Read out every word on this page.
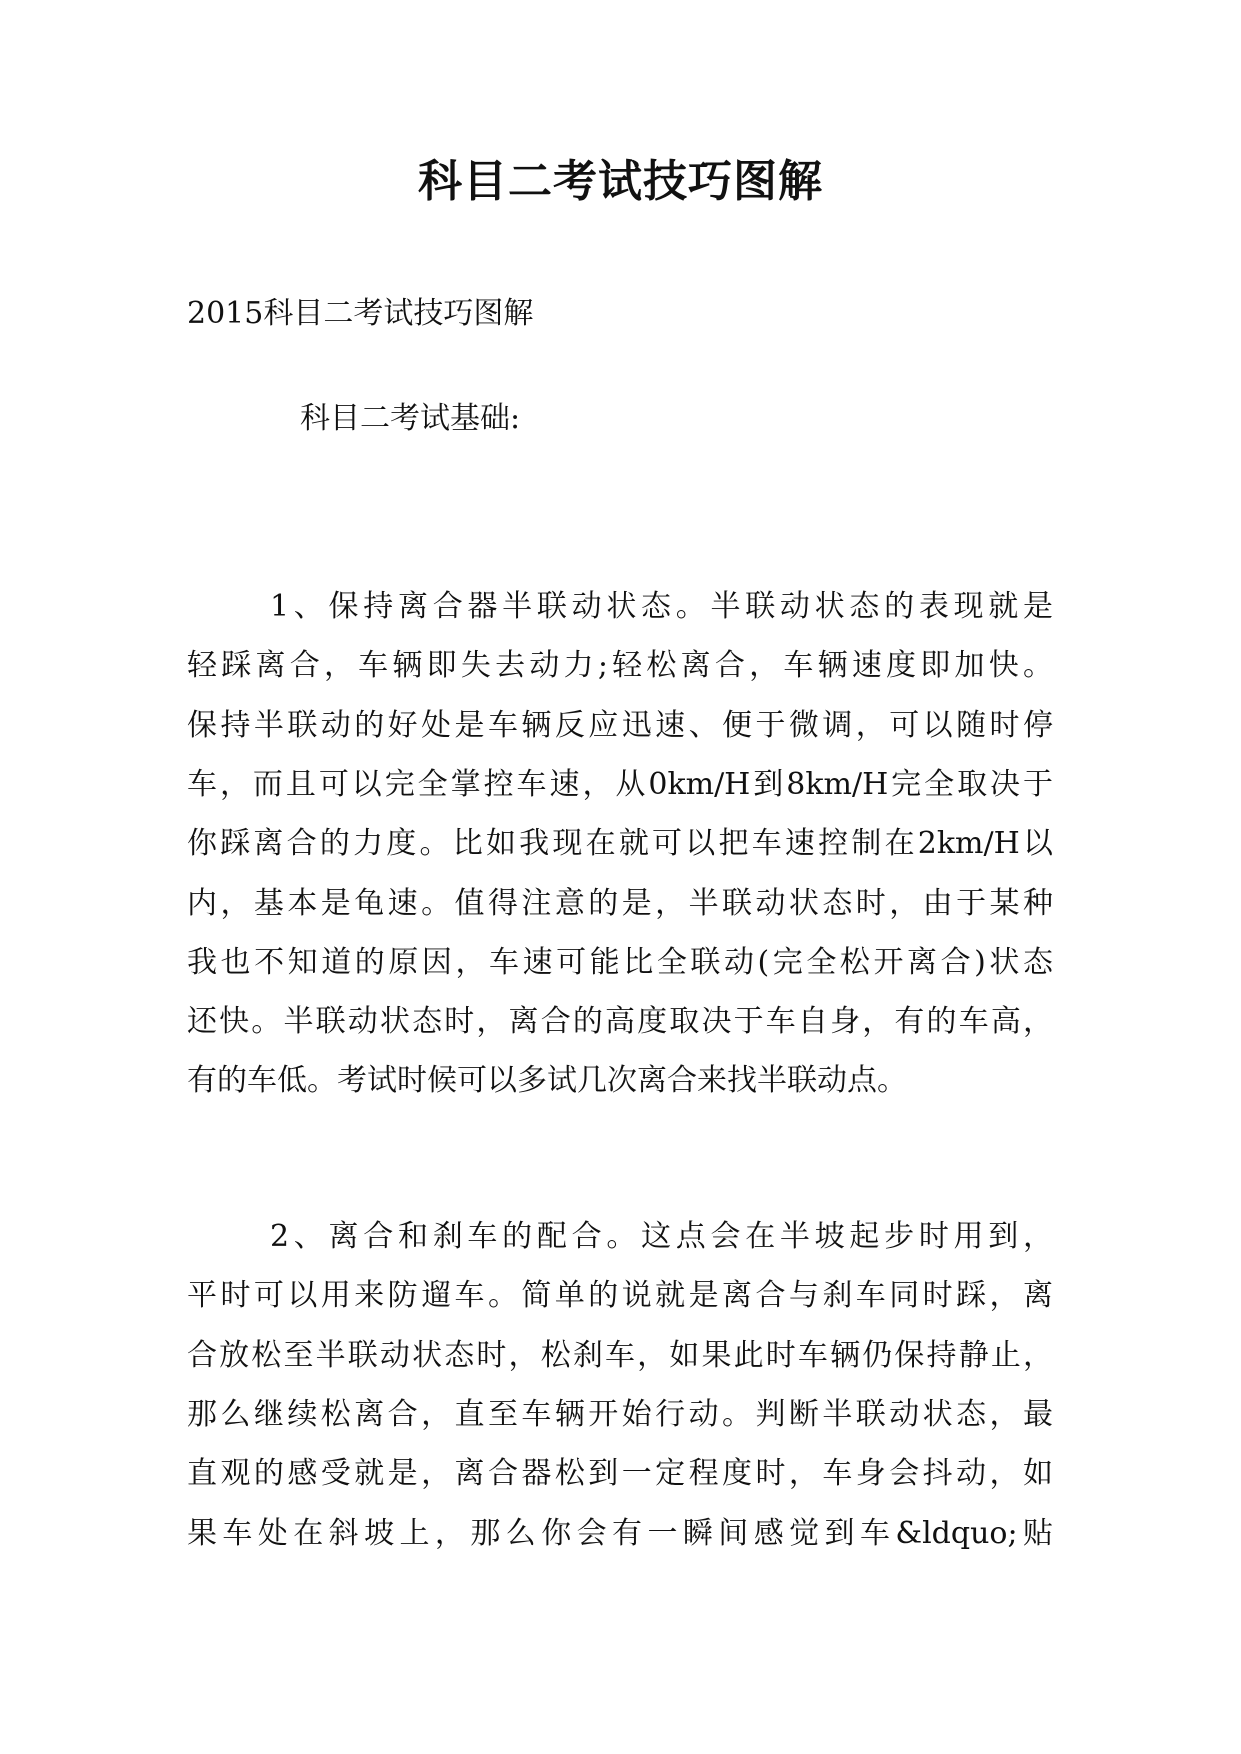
科目二考试技巧图解
2015科目二考试技巧图解
科目二考试基础:
1、保持离合器半联动状态。半联动状态的表现就是
轻踩离合，车辆即失去动力;轻松离合，车辆速度即加快。
保持半联动的好处是车辆反应迅速、便于微调，可以随时停
车，而且可以完全掌控车速，从0km/H到8km/H完全取决于
你踩离合的力度。比如我现在就可以把车速控制在2km/H以
内，基本是龟速。值得注意的是，半联动状态时，由于某种
我也不知道的原因，车速可能比全联动(完全松开离合)状态
还快。半联动状态时，离合的高度取决于车自身，有的车高，
有的车低。考试时候可以多试几次离合来找半联动点。
2、离合和刹车的配合。这点会在半坡起步时用到，
平时可以用来防遛车。简单的说就是离合与刹车同时踩，离
合放松至半联动状态时，松刹车，如果此时车辆仍保持静止，
那么继续松离合，直至车辆开始行动。判断半联动状态，最
直观的感受就是，离合器松到一定程度时，车身会抖动，如
果车处在斜坡上，那么你会有一瞬间感觉到车&ldquo;贴
